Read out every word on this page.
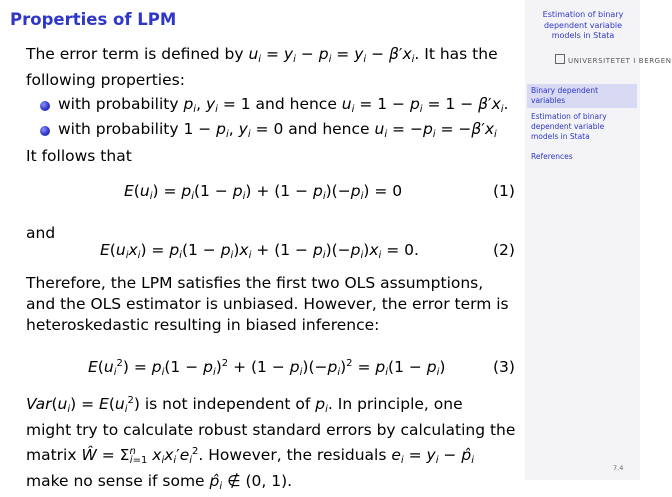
Properties of LPM
The error term is defined by $u_i = y_i - p_i = y_i - \beta'x_i$. It has the
following properties:
with probability $p_i$, $y_i = 1$ and hence $u_i = 1 - p_i = 1 - \beta'x_i$.
with probability $1 - p_i$, $y_i = 0$ and hence $u_i = -p_i = -\beta'x_i$
It follows that
$E(u_i) = p_i(1 - p_i) + (1 - p_i)(-p_i) = 0$	(1)
and
$E(u_ix_i) = p_i(1 - p_i)x_i + (1 - p_i)(-p_i)x_i = 0$.	(2)
Therefore, the LPM satisfies the first two OLS assumptions, and the OLS estimator is unbiased. However, the error term is heteroskedastic resulting in biased inference:
$E(u_i^2) = p_i(1 - p_i)^2 + (1 - p_i)(-p_i)^2 = p_i(1 - p_i)$	(3)
$Var(u_i) = E(u_i^2)$ is not independent of $p_i$. In principle, one
might try to calculate robust standard errors by calculating the
matrix Ŵ = $\Sigma^n_{i=1}$ $x_ix_i'e_i^2$. However, the residuals $e_i = y_i$ − $p̂_i$
make no sense if some $p̂_i$ ∉ (0, 1).
Estimation of binary dependent variable models in Stata
UNIVERSITETET I BERGEN
Binary dependent variables
Estimation of binary dependent variable models in Stata
References
7.4
